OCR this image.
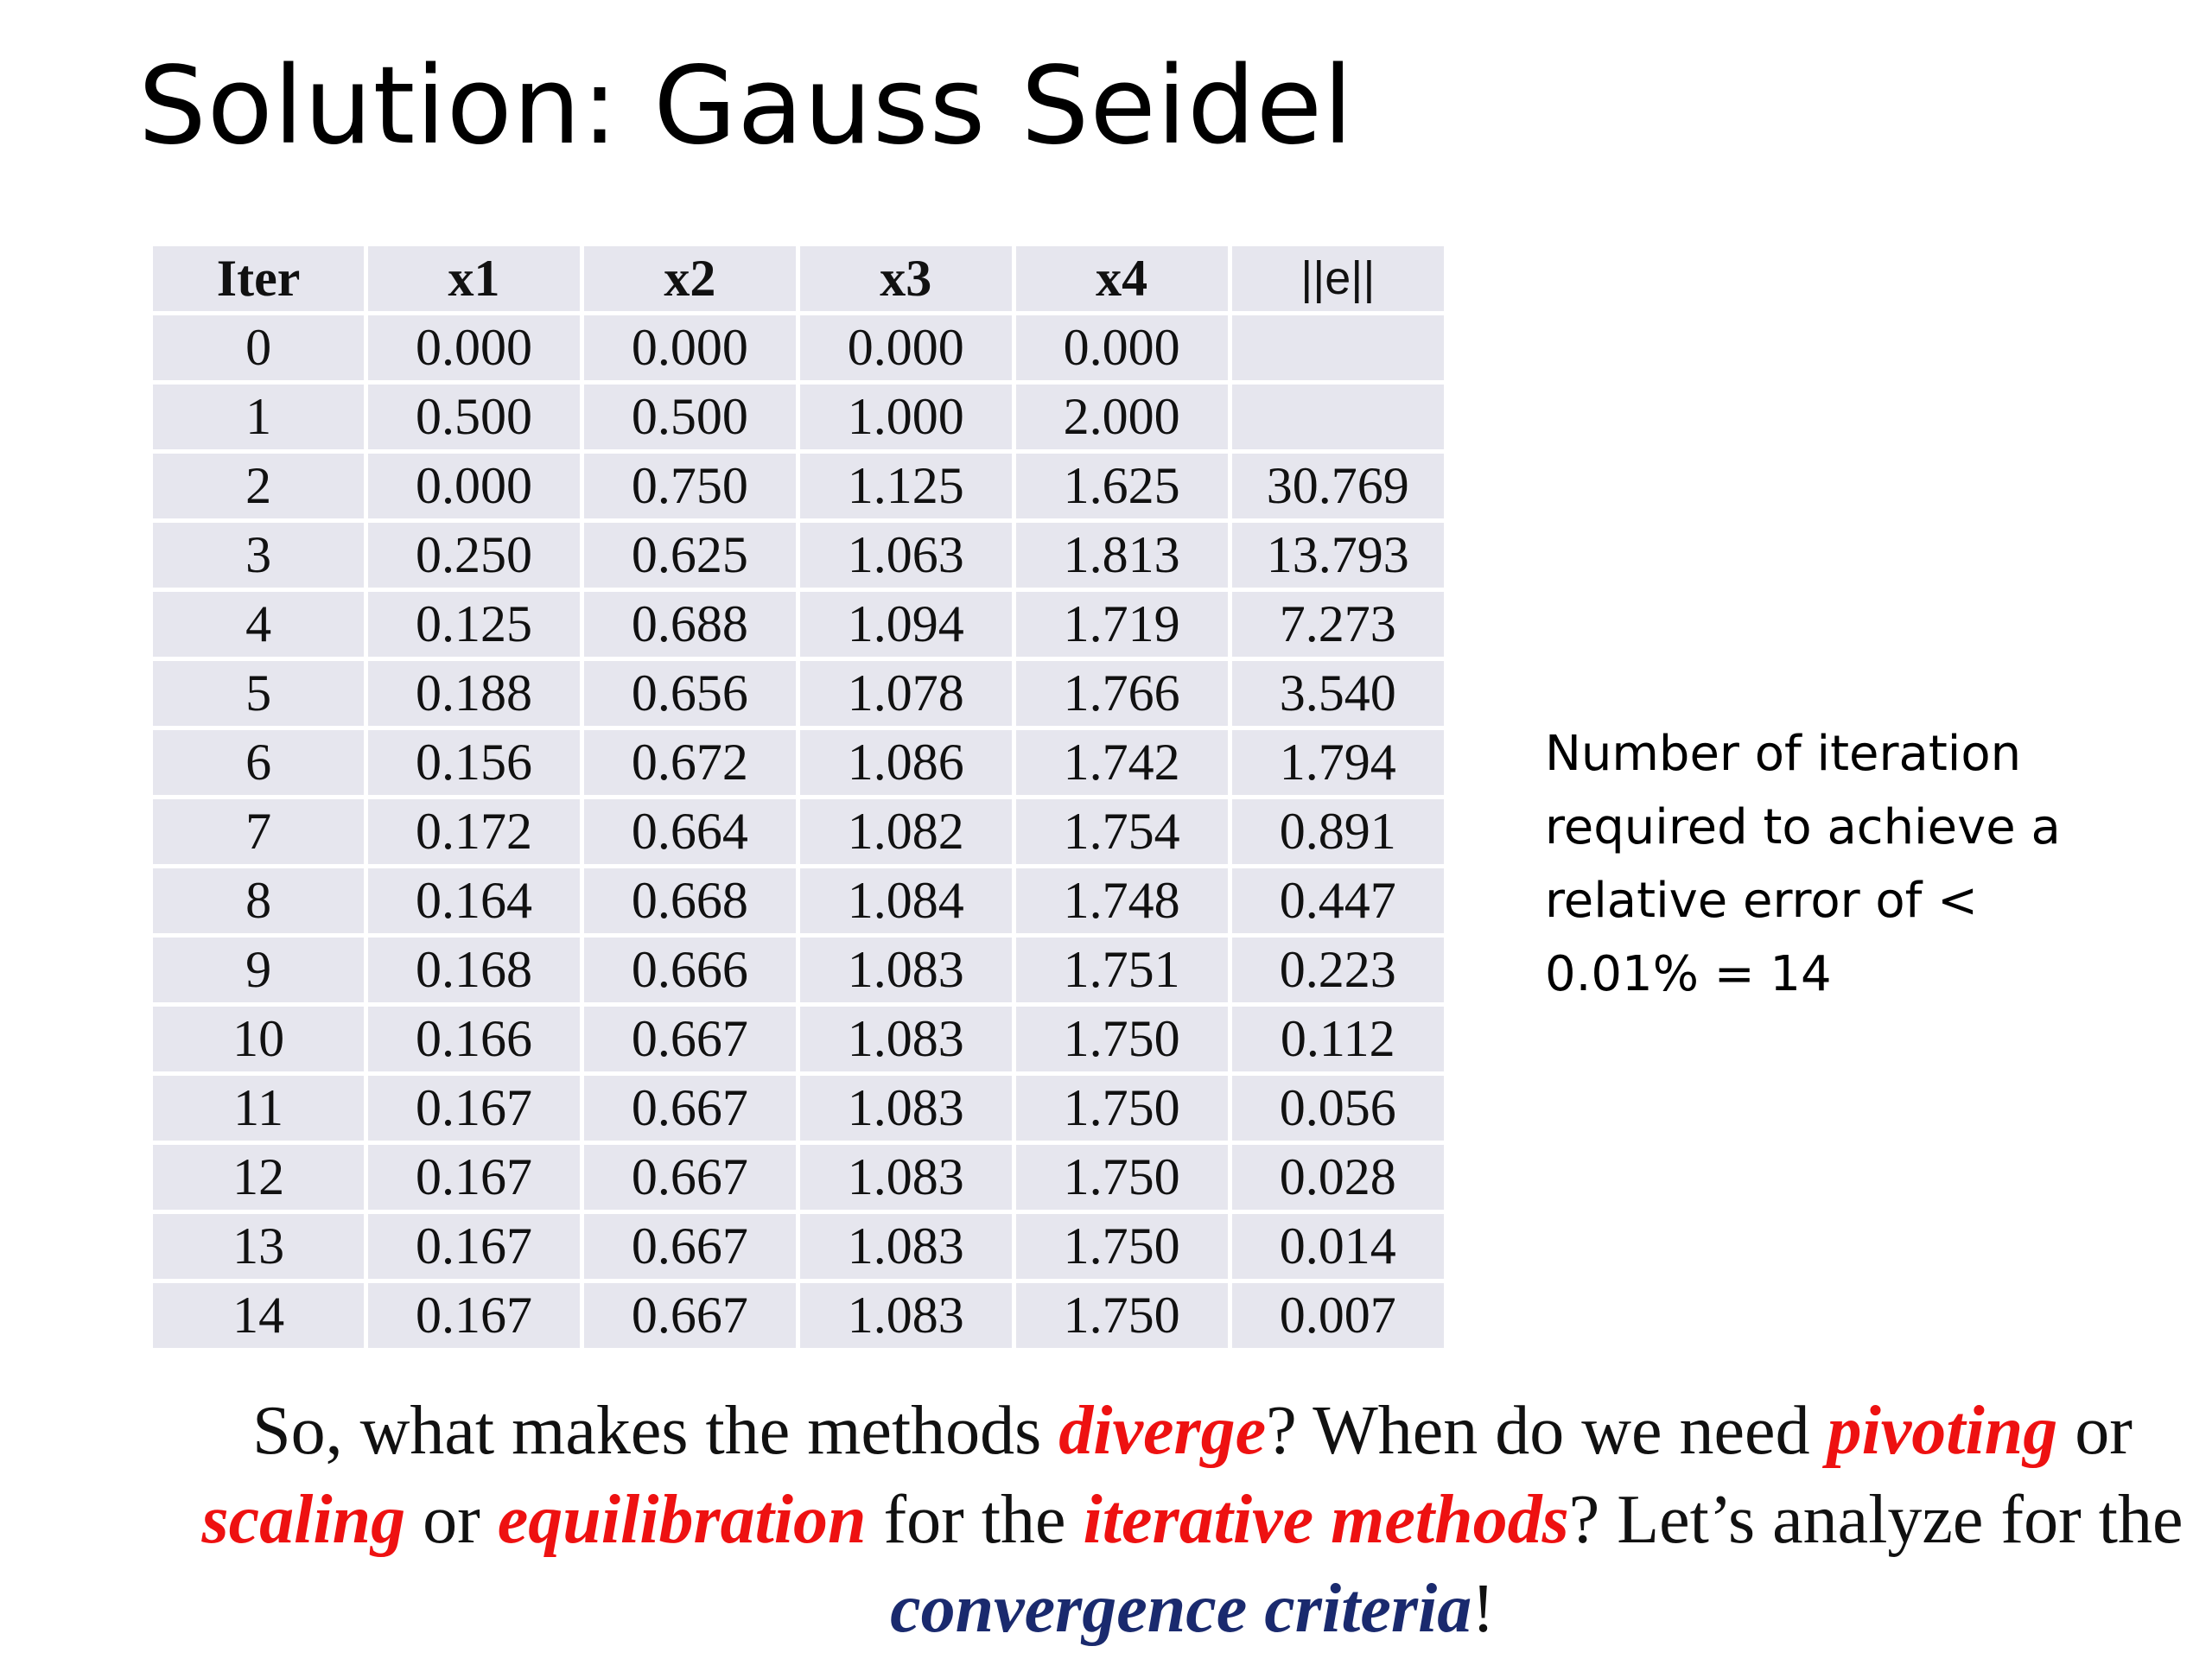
Solution: Gauss Seidel
Iter	x1	x2	x3	x4	||e||
0	0.000	0.000	0.000	0.000	
1	0.500	0.500	1.000	2.000	
2	0.000	0.750	1.125	1.625	30.769
3	0.250	0.625	1.063	1.813	13.793
4	0.125	0.688	1.094	1.719	7.273
5	0.188	0.656	1.078	1.766	3.540
6	0.156	0.672	1.086	1.742	1.794
7	0.172	0.664	1.082	1.754	0.891
8	0.164	0.668	1.084	1.748	0.447
9	0.168	0.666	1.083	1.751	0.223
10	0.166	0.667	1.083	1.750	0.112
11	0.167	0.667	1.083	1.750	0.056
12	0.167	0.667	1.083	1.750	0.028
13	0.167	0.667	1.083	1.750	0.014
14	0.167	0.667	1.083	1.750	0.007

Number of iteration
required to achieve a
relative error of <
0.01% = 14

So, what makes the methods diverge? When do we need pivoting or scaling or equilibration for the iterative methods? Let’s analyze for the convergence criteria!
